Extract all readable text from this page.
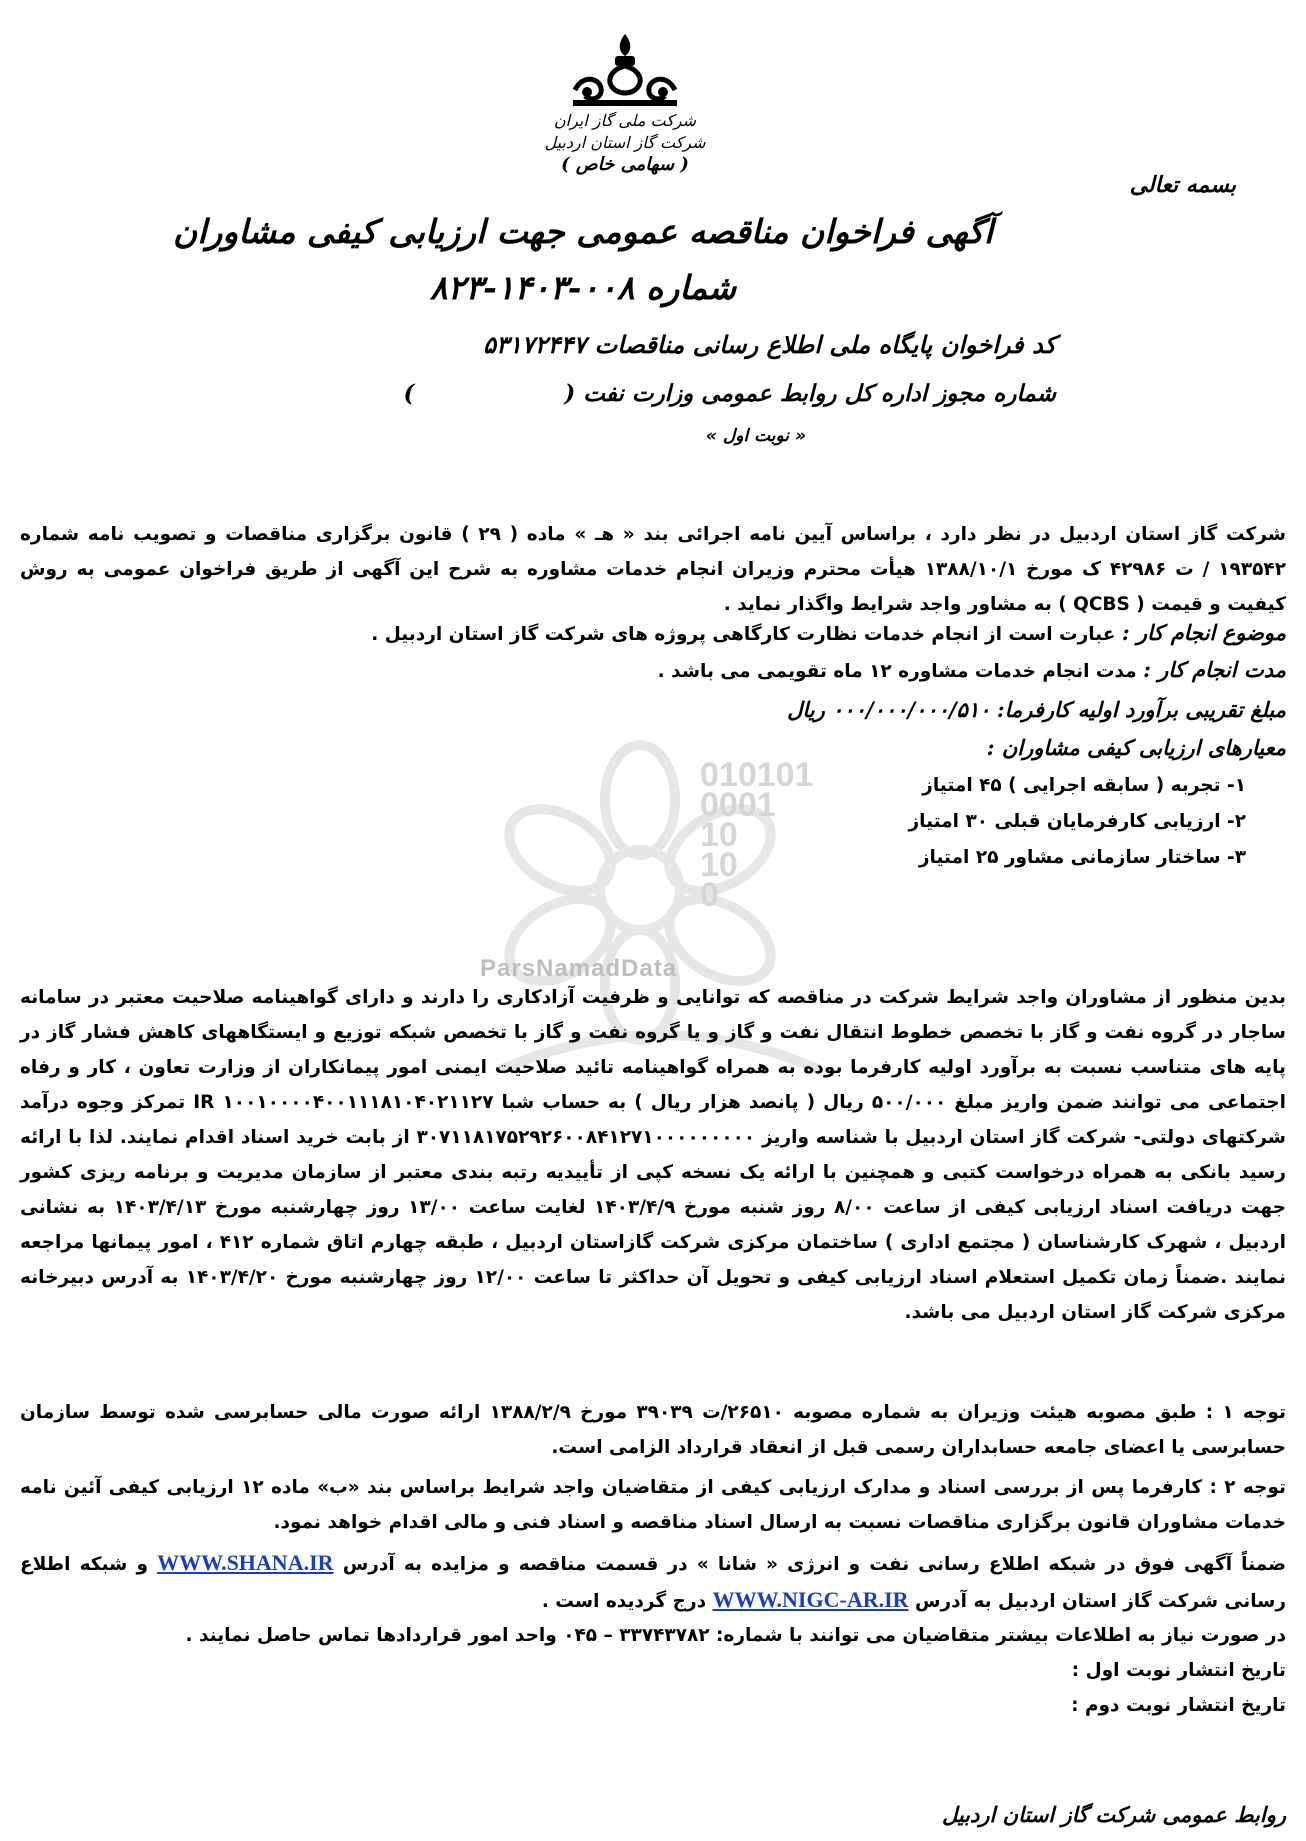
010101
0001
10
10
0
ParsNamadData
شرکت ملی گاز ایران
شرکت گاز استان اردبیل
( سهامی خاص )
بسمه تعالی
آگهی فراخوان مناقصه عمومی جهت ارزیابی کیفی مشاوران
شماره ۰۰۸-۱۴۰۳-۸۲۳
کد فراخوان پایگاه ملی اطلاع رسانی مناقصات ۵۳۱۷۲۴۴۷
شماره مجوز اداره کل روابط عمومی وزارت نفت ()
« نوبت اول »
شرکت گاز استان اردبیل در نظر دارد ، براساس آیین نامه اجرائی بند « هـ » ماده ( ۲۹ ) قانون برگزاری مناقصات و تصویب نامه شماره ۱۹۳۵۴۲ / ت ۴۲۹۸۶ ک مورخ ۱۳۸۸/۱۰/۱ هیأت محترم وزیران انجام خدمات مشاوره به شرح این آگهی از طریق فراخوان عمومی به روش کیفیت و قیمت ( QCBS ) به مشاور واجد شرایط واگذار نماید .
موضوع انجام کار : عبارت است از انجام خدمات نظارت کارگاهی پروژه های شرکت گاز استان اردبیل .
مدت انجام کار : مدت انجام خدمات مشاوره ۱۲ ماه تقویمی می باشد .
مبلغ تقریبی برآورد اولیه کارفرما: ۰۰۰/۰۰۰/۰۰۰/۵۱۰ ریال
معیارهای ارزیابی کیفی مشاوران :
۱- تجربه ( سابقه اجرایی ) ۴۵ امتیاز
۲- ارزیابی کارفرمایان قبلی ۳۰ امتیاز
۳- ساختار سازمانی مشاور ۲۵ امتیاز
بدین منظور از مشاوران واجد شرایط شرکت در مناقصه که توانایی و ظرفیت آزادکاری را دارند و دارای گواهینامه صلاحیت معتبر در سامانه ساجار در گروه نفت و گاز با تخصص خطوط انتقال نفت و گاز و یا گروه نفت و گاز با تخصص شبکه توزیع و ایستگاههای کاهش فشار گاز در پایه های متناسب نسبت به برآورد اولیه کارفرما بوده به همراه گواهینامه تائید صلاحیت ایمنی امور پیمانکاران از وزارت تعاون ، کار و رفاه اجتماعی می توانند ضمن واریز مبلغ ۵۰۰/۰۰۰ ریال ( پانصد هزار ریال ) به حساب شبا IR ۱۰۰۱۰۰۰۰۴۰۰۱۱۱۸۱۰۴۰۲۱۱۲۷ تمرکز وجوه درآمد شرکتهای دولتی- شرکت گاز استان اردبیل با شناسه واریز ۳۰۷۱۱۸۱۷۵۲۹۲۶۰۰۸۴۱۲۷۱۰۰۰۰۰۰۰۰۰ از بابت خرید اسناد اقدام نمایند. لذا با ارائه رسید بانکی به همراه درخواست کتبی و همچنین با ارائه یک نسخه کپی از تأییدیه رتبه بندی معتبر از سازمان مدیریت و برنامه ریزی کشور جهت دریافت اسناد ارزیابی کیفی از ساعت ۸/۰۰ روز شنبه مورخ ۱۴۰۳/۴/۹ لغایت ساعت ۱۳/۰۰ روز چهارشنبه مورخ ۱۴۰۳/۴/۱۳ به نشانی اردبیل ، شهرک کارشناسان ( مجتمع اداری ) ساختمان مرکزی شرکت گازاستان اردبیل ، طبقه چهارم اتاق شماره ۴۱۲ ، امور پیمانها مراجعه نمایند .ضمناً زمان تکمیل استعلام اسناد ارزیابی کیفی و تحویل آن حداکثر تا ساعت ۱۲/۰۰ روز چهارشنبه مورخ ۱۴۰۳/۴/۲۰ به آدرس دبیرخانه مرکزی شرکت گاز استان اردبیل می باشد.
توجه ۱ : طبق مصوبه هیئت وزیران به شماره مصوبه ۲۶۵۱۰/ت ۳۹۰۳۹ مورخ ۱۳۸۸/۲/۹ ارائه صورت مالی حسابرسی شده توسط سازمان حسابرسی یا اعضای جامعه حسابداران رسمی قبل از انعقاد قرارداد الزامی است.
توجه ۲ : کارفرما پس از بررسی اسناد و مدارک ارزیابی کیفی از متقاضیان واجد شرایط براساس بند «ب» ماده ۱۲ ارزیابی کیفی آئین نامه خدمات مشاوران قانون برگزاری مناقصات نسبت به ارسال اسناد مناقصه و اسناد فنی و مالی اقدام خواهد نمود.
ضمناً آگهی فوق در شبکه اطلاع رسانی نفت و انرژی « شانا » در قسمت مناقصه و مزایده به آدرس WWW.SHANA.IR و شبکه اطلاع رسانی شرکت گاز استان اردبیل به آدرس WWW.NIGC-AR.IR درج گردیده است .
در صورت نیاز به اطلاعات بیشتر متقاضیان می توانند با شماره: ۳۳۷۴۳۷۸۲ – ۰۴۵ واحد امور قراردادها تماس حاصل نمایند .
تاریخ انتشار نوبت اول :
تاریخ انتشار نوبت دوم :
روابط عمومی شرکت گاز استان اردبیل
